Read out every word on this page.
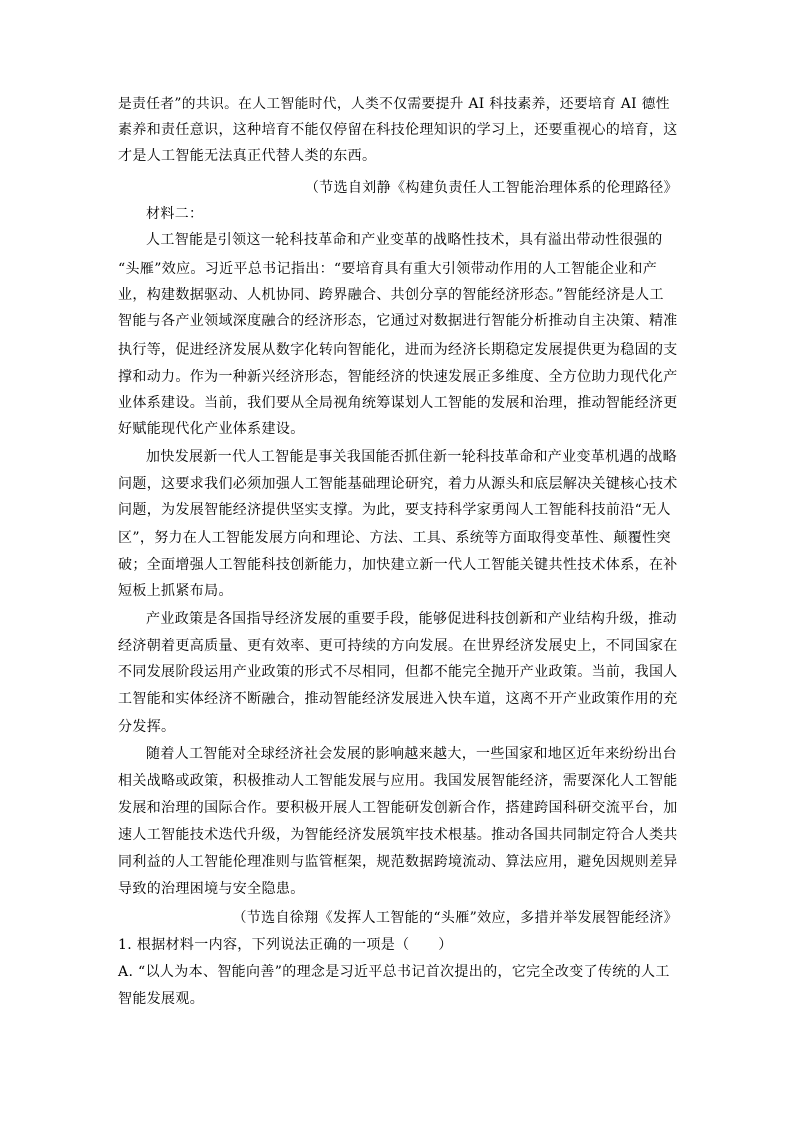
是责任者”的共识。在人工智能时代，人类不仅需要提升 AI 科技素养，还要培育 AI 德性
素养和责任意识，这种培育不能仅停留在科技伦理知识的学习上，还要重视心的培育，这
才是人工智能无法真正代替人类的东西。
（节选自刘静《构建负责任人工智能治理体系的伦理路径》
材料二：
人工智能是引领这一轮科技革命和产业变革的战略性技术，具有溢出带动性很强的
“头雁”效应。习近平总书记指出：“要培育具有重大引领带动作用的人工智能企业和产
业，构建数据驱动、人机协同、跨界融合、共创分享的智能经济形态。”智能经济是人工
智能与各产业领域深度融合的经济形态，它通过对数据进行智能分析推动自主决策、精准
执行等，促进经济发展从数字化转向智能化，进而为经济长期稳定发展提供更为稳固的支
撑和动力。作为一种新兴经济形态，智能经济的快速发展正多维度、全方位助力现代化产
业体系建设。当前，我们要从全局视角统筹谋划人工智能的发展和治理，推动智能经济更
好赋能现代化产业体系建设。
加快发展新一代人工智能是事关我国能否抓住新一轮科技革命和产业变革机遇的战略
问题，这要求我们必须加强人工智能基础理论研究，着力从源头和底层解决关键核心技术
问题，为发展智能经济提供坚实支撑。为此，要支持科学家勇闯人工智能科技前沿“无人
区”，努力在人工智能发展方向和理论、方法、工具、系统等方面取得变革性、颠覆性突
破；全面增强人工智能科技创新能力，加快建立新一代人工智能关键共性技术体系，在补
短板上抓紧布局。
产业政策是各国指导经济发展的重要手段，能够促进科技创新和产业结构升级，推动
经济朝着更高质量、更有效率、更可持续的方向发展。在世界经济发展史上，不同国家在
不同发展阶段运用产业政策的形式不尽相同，但都不能完全抛开产业政策。当前，我国人
工智能和实体经济不断融合，推动智能经济发展进入快车道，这离不开产业政策作用的充
分发挥。
随着人工智能对全球经济社会发展的影响越来越大，一些国家和地区近年来纷纷出台
相关战略或政策，积极推动人工智能发展与应用。我国发展智能经济，需要深化人工智能
发展和治理的国际合作。要积极开展人工智能研发创新合作，搭建跨国科研交流平台，加
速人工智能技术迭代升级，为智能经济发展筑牢技术根基。推动各国共同制定符合人类共
同利益的人工智能伦理准则与监管框架，规范数据跨境流动、算法应用，避免因规则差异
导致的治理困境与安全隐患。
（节选自徐翔《发挥人工智能的“头雁”效应，多措并举发展智能经济》
1. 根据材料一内容，下列说法正确的一项是（　　）
A. “以人为本、智能向善”的理念是习近平总书记首次提出的，它完全改变了传统的人工
智能发展观。
